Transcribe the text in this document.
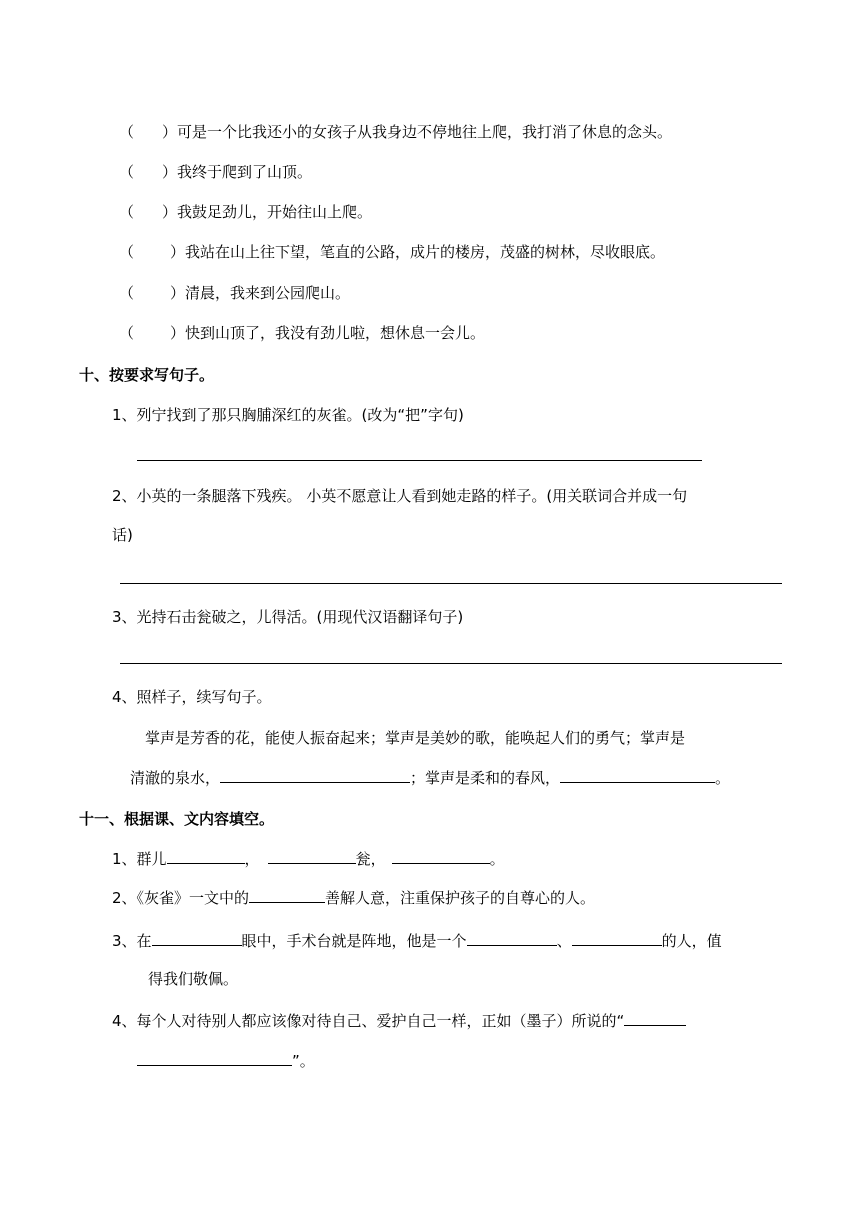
（ ）可是一个比我还小的女孩子从我身边不停地往上爬，我打消了休息的念头。
（ ）我终于爬到了山顶。
（ ）我鼓足劲儿，开始往山上爬。
（ ）我站在山上往下望，笔直的公路，成片的楼房，茂盛的树林，尽收眼底。
（ ）清晨，我来到公园爬山。
（ ）快到山顶了，我没有劲儿啦，想休息一会儿。
十、按要求写句子。
1、列宁找到了那只胸脯深红的灰雀。(改为“把”字句)
2、小英的一条腿落下残疾。 小英不愿意让人看到她走路的样子。(用关联词合并成一句
话)
3、光持石击瓮破之，儿得活。(用现代汉语翻译句子)
4、照样子，续写句子。
掌声是芳香的花，能使人振奋起来；掌声是美妙的歌，能唤起人们的勇气；掌声是
清澈的泉水，	；掌声是柔和的春风，	。
十一、根据课、文内容填空。
1、群儿	，	瓮，	。
2、《灰雀》一文中的	善解人意，注重保护孩子的自尊心的人。
3、在	眼中，手术台就是阵地，他是一个	、	的人，值
得我们敬佩。
4、每个人对待别人都应该像对待自己、爱护自己一样，正如（墨子）所说的“
”。
